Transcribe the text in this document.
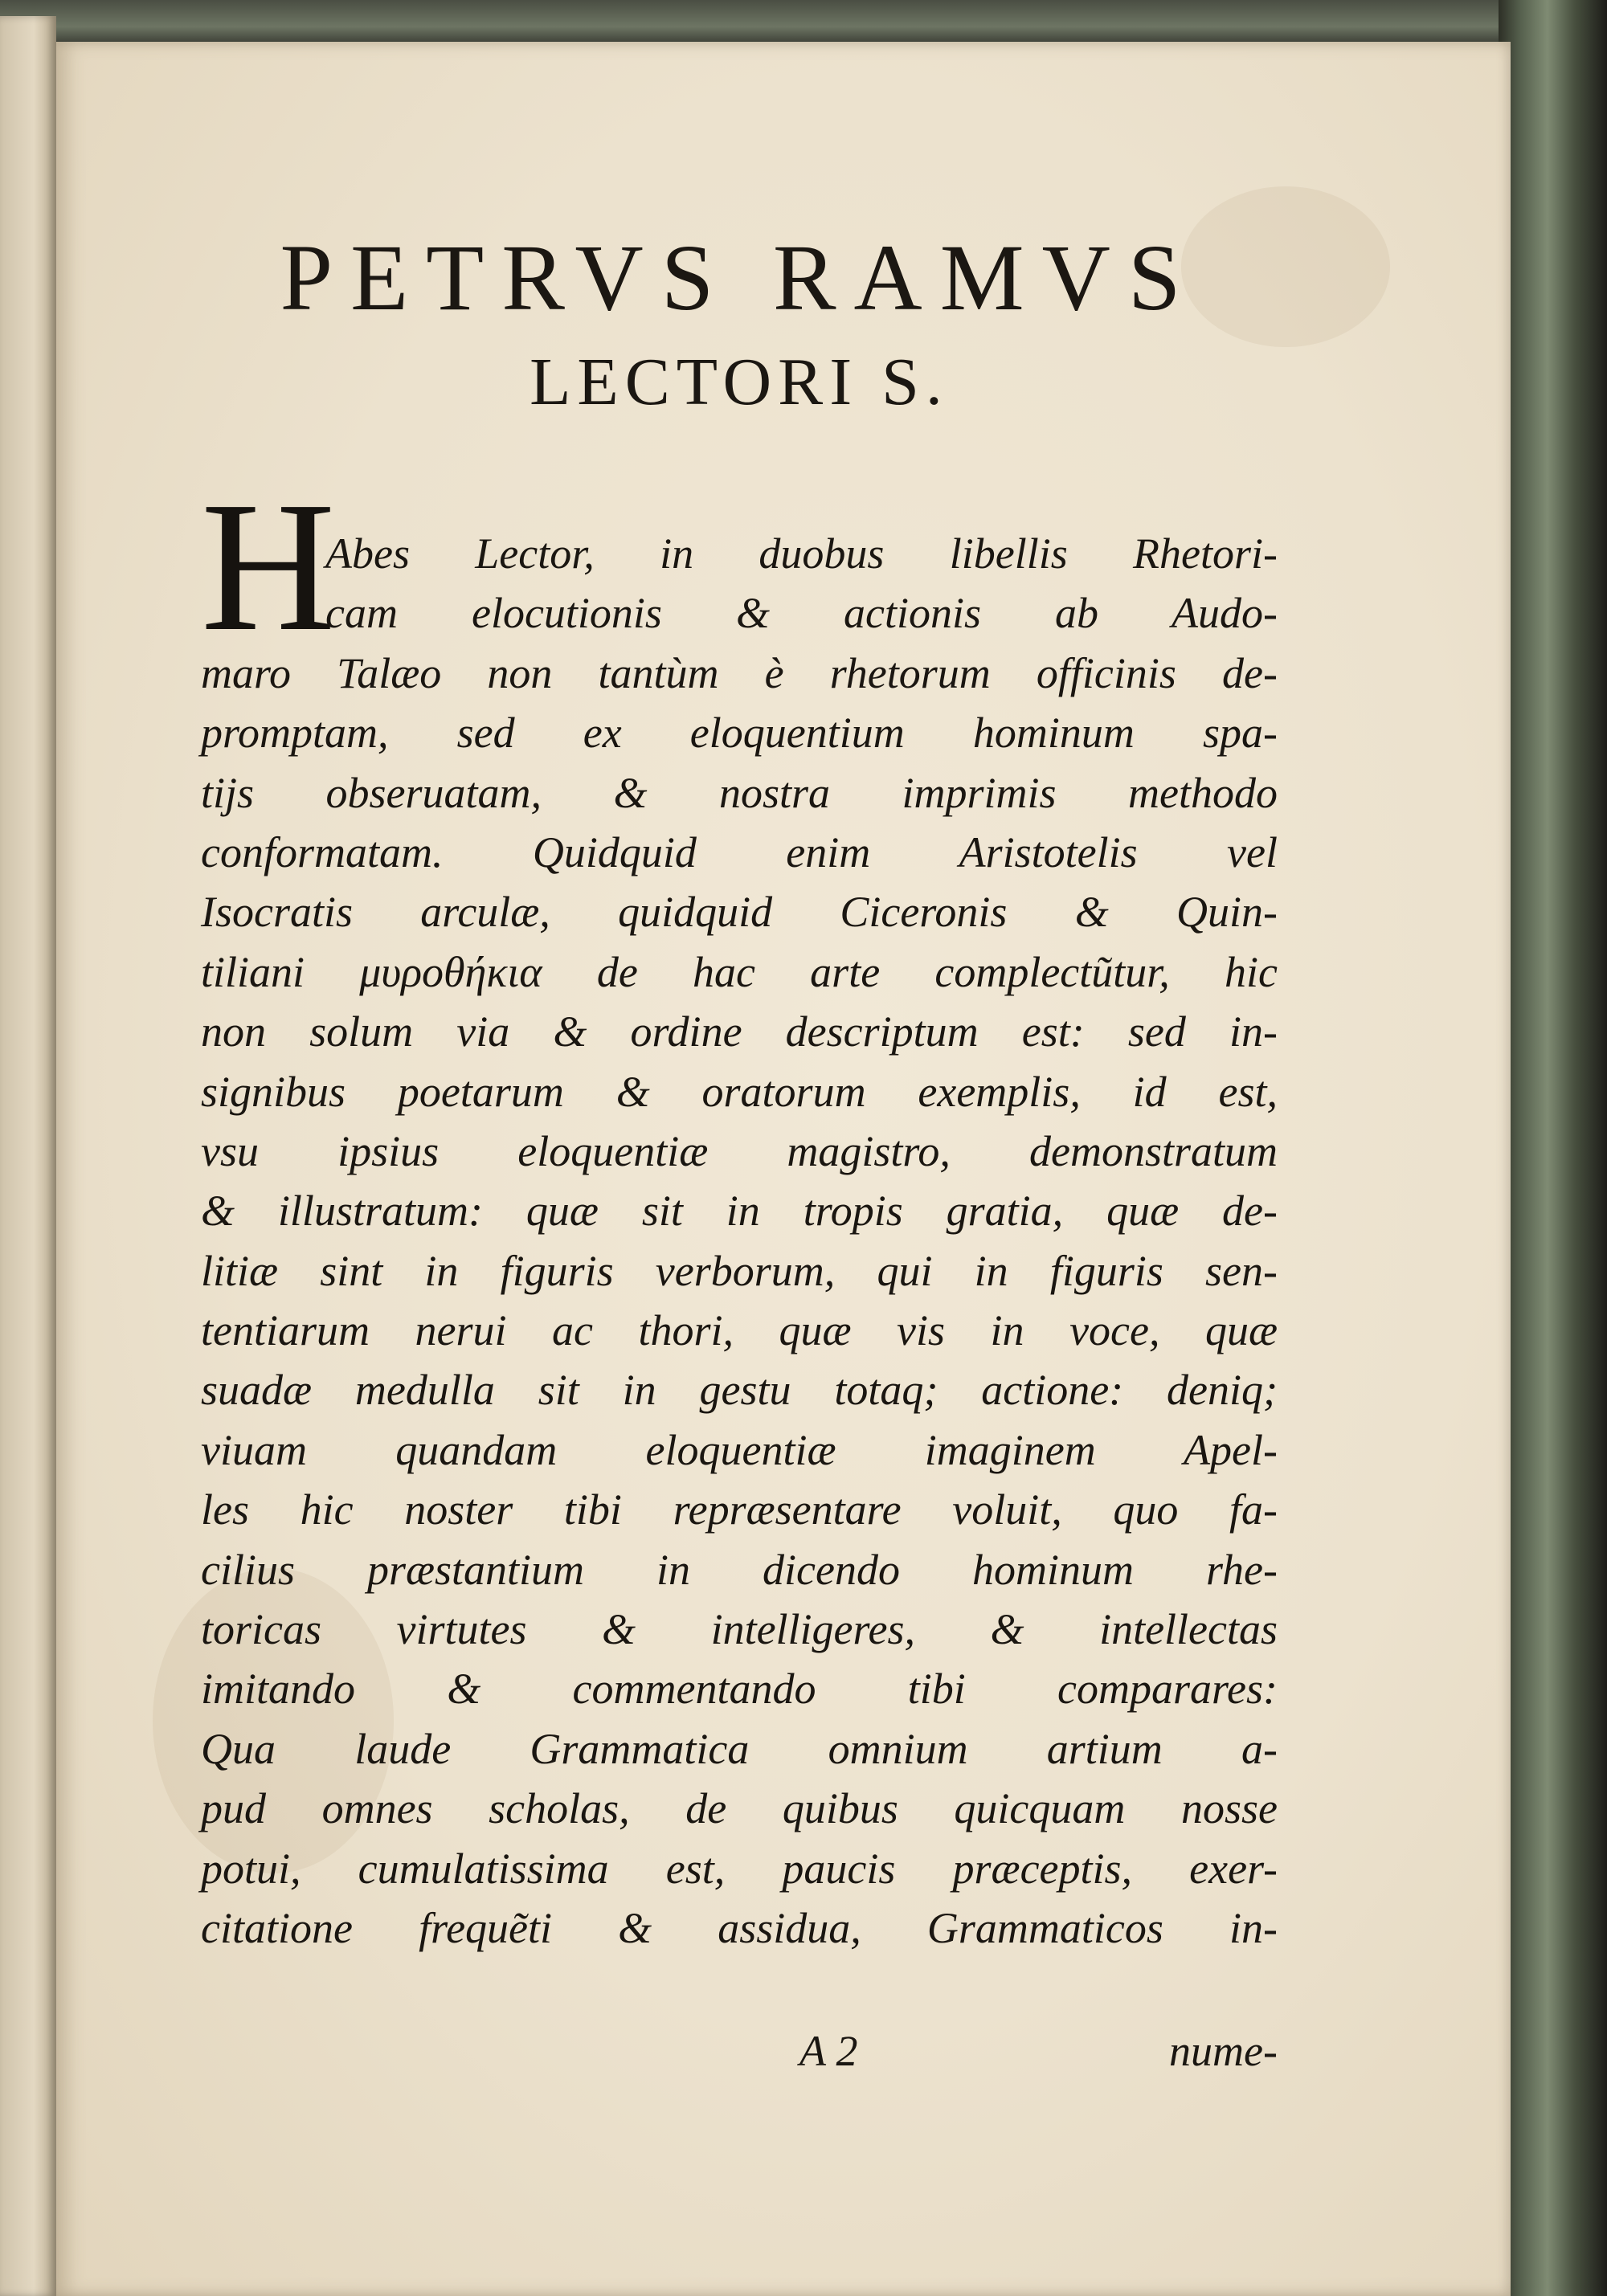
PETRVS RAMVS
LECTORI S.
H
Abes Lector, in duobus libellis Rhetori-
cam elocutionis & actionis ab Audo-
maro Talæo non tantùm è rhetorum officinis de-
promptam, sed ex eloquentium hominum spa-
tijs obseruatam, & nostra imprimis methodo
conformatam. Quidquid enim Aristotelis vel
Isocratis arculæ, quidquid Ciceronis & Quin-
tiliani μυροθήκια de hac arte complectũtur, hic
non solum via & ordine descriptum est: sed in-
signibus poetarum & oratorum exemplis, id est,
vsu ipsius eloquentiæ magistro, demonstratum
& illustratum: quæ sit in tropis gratia, quæ de-
litiæ sint in figuris verborum, qui in figuris sen-
tentiarum nerui ac thori, quæ vis in voce, quæ
suadæ medulla sit in gestu totaq; actione: deniq;
viuam quandam eloquentiæ imaginem Apel-
les hic noster tibi repræsentare voluit, quo fa-
cilius præstantium in dicendo hominum rhe-
toricas virtutes & intelligeres, & intellectas
imitando & commentando tibi comparares:
Qua laude Grammatica omnium artium a-
pud omnes scholas, de quibus quicquam nosse
potui, cumulatissima est, paucis præceptis, exer-
citatione frequẽti & assidua, Grammaticos in-
A 2	nume-
